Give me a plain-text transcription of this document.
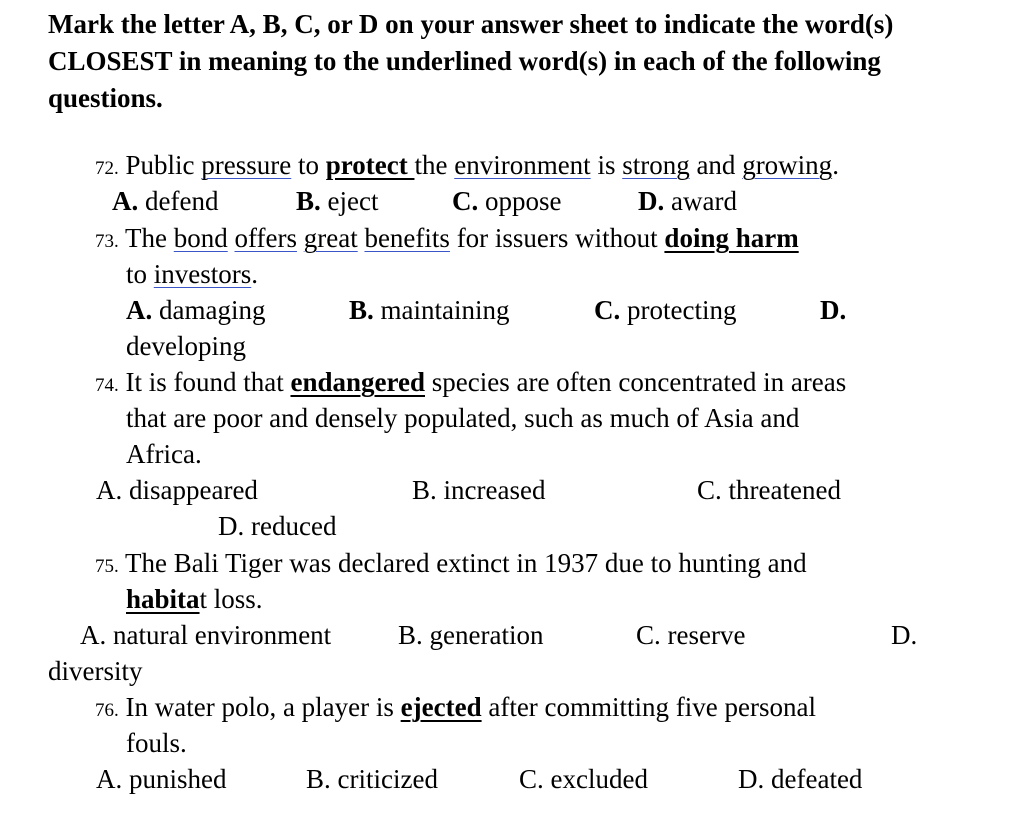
Mark the letter A, B, C, or D on your answer sheet to indicate the word(s) CLOSEST in meaning to the underlined word(s) in each of the following questions.
72. Public pressure to protect the environment is strong and growing.
A. defend	B. eject	C. oppose	D. award
73. The bond offers great benefits for issuers without doing harm
to investors.
A. damaging	B. maintaining	C. protecting	D.
developing
74. It is found that endangered species are often concentrated in areas
that are poor and densely populated, such as much of Asia and
Africa.
A. disappeared	B. increased	C. threatened
D. reduced
75. The Bali Tiger was declared extinct in 1937 due to hunting and
habitat loss.
A. natural environment B. generation	C. reserve	D.
diversity
76. In water polo, a player is ejected after committing five personal
fouls.
A. punished	B. criticized	C. excluded	D. defeated
